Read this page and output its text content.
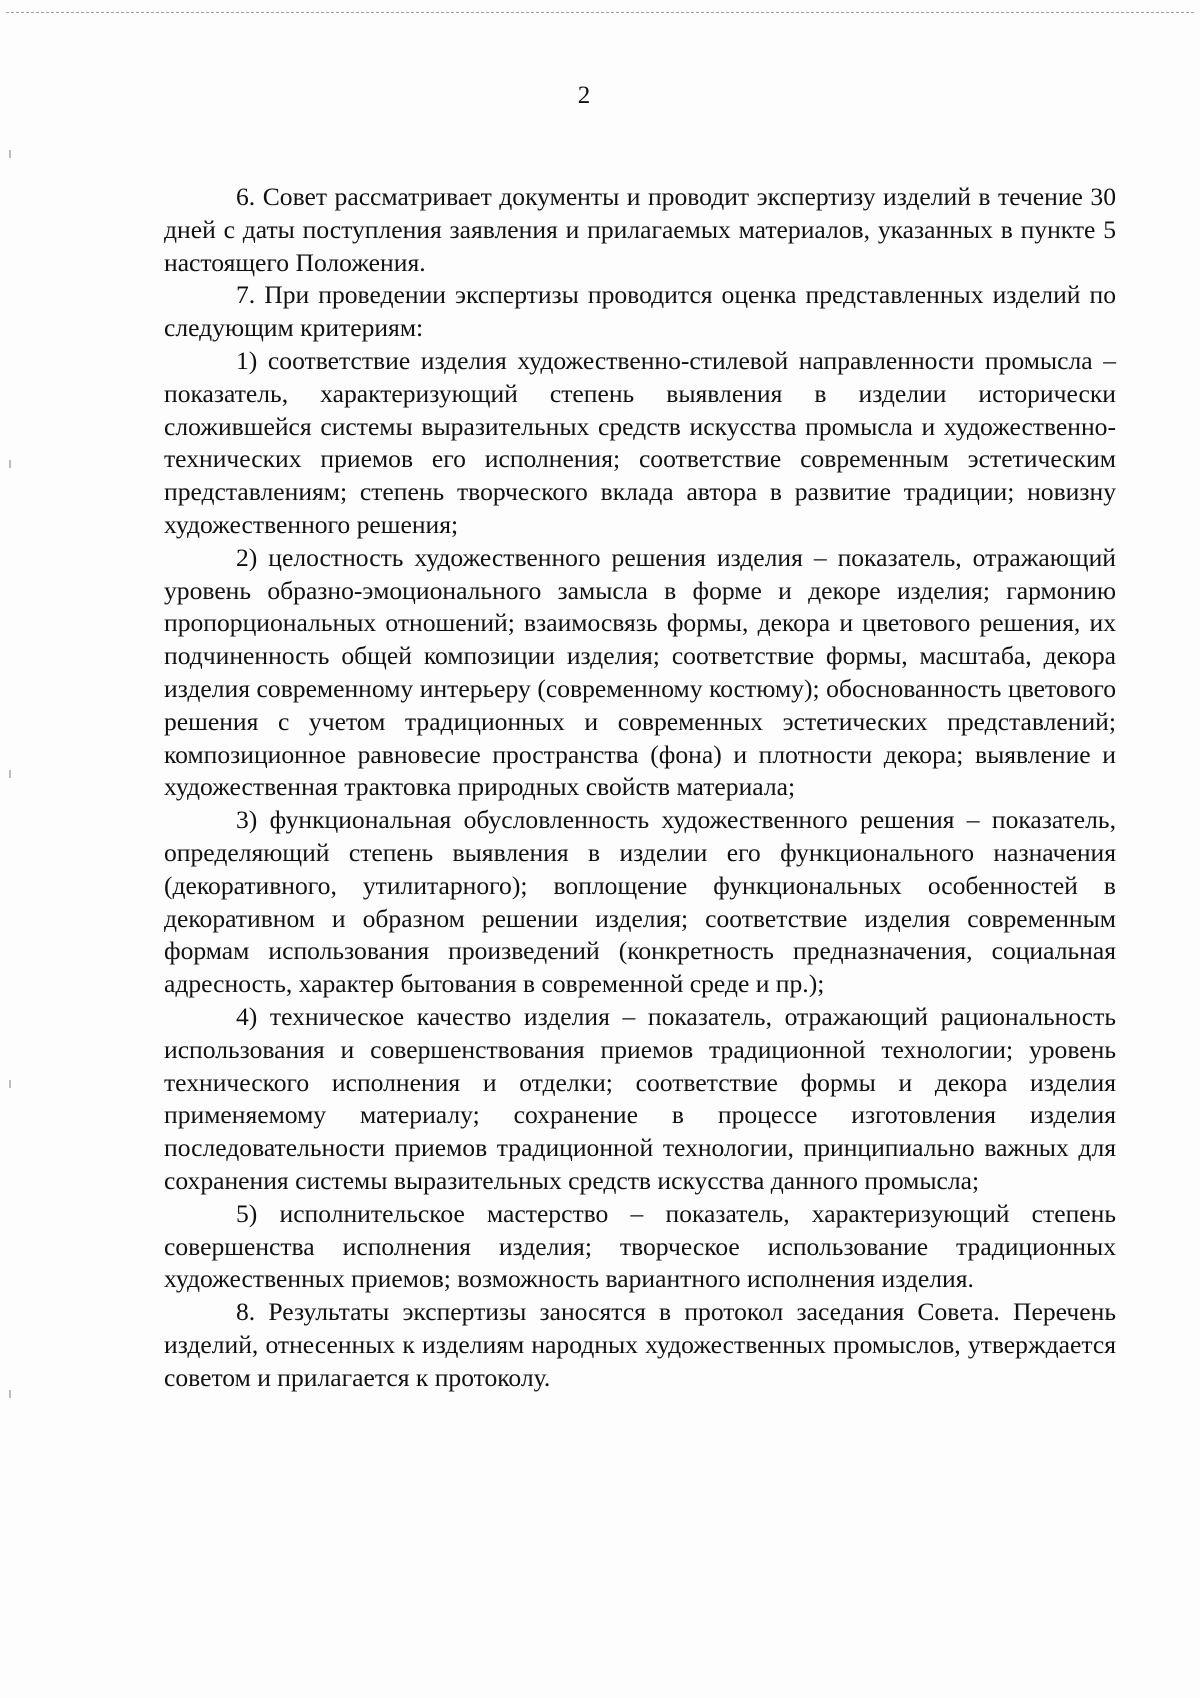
2

6. Совет рассматривает документы и проводит экспертизу изделий в течение 30 дней с даты поступления заявления и прилагаемых материалов, указанных в пункте 5 настоящего Положения.

7. При проведении экспертизы проводится оценка представленных изделий по следующим критериям:

1) соответствие изделия художественно-стилевой направленности промысла – показатель, характеризующий степень выявления в изделии исторически сложившейся системы выразительных средств искусства промысла и художественно-технических приемов его исполнения; соответствие современным эстетическим представлениям; степень творческого вклада автора в развитие традиции; новизну художественного решения;

2) целостность художественного решения изделия – показатель, отражающий уровень образно-эмоционального замысла в форме и декоре изделия; гармонию пропорциональных отношений; взаимосвязь формы, декора и цветового решения, их подчиненность общей композиции изделия; соответствие формы, масштаба, декора изделия современному интерьеру (современному костюму); обоснованность цветового решения с учетом традиционных и современных эстетических представлений; композиционное равновесие пространства (фона) и плотности декора; выявление и художественная трактовка природных свойств материала;

3) функциональная обусловленность художественного решения – показатель, определяющий степень выявления в изделии его функционального назначения (декоративного, утилитарного); воплощение функциональных особенностей в декоративном и образном решении изделия; соответствие изделия современным формам использования произведений (конкретность предназначения, социальная адресность, характер бытования в современной среде и пр.);

4) техническое качество изделия – показатель, отражающий рациональность использования и совершенствования приемов традиционной технологии; уровень технического исполнения и отделки; соответствие формы и декора изделия применяемому материалу; сохранение в процессе изготовления изделия последовательности приемов традиционной технологии, принципиально важных для сохранения системы выразительных средств искусства данного промысла;

5) исполнительское мастерство – показатель, характеризующий степень совершенства исполнения изделия; творческое использование традиционных художественных приемов; возможность вариантного исполнения изделия.

8. Результаты экспертизы заносятся в протокол заседания Совета. Перечень изделий, отнесенных к изделиям народных художественных промыслов, утверждается советом и прилагается к протоколу.
